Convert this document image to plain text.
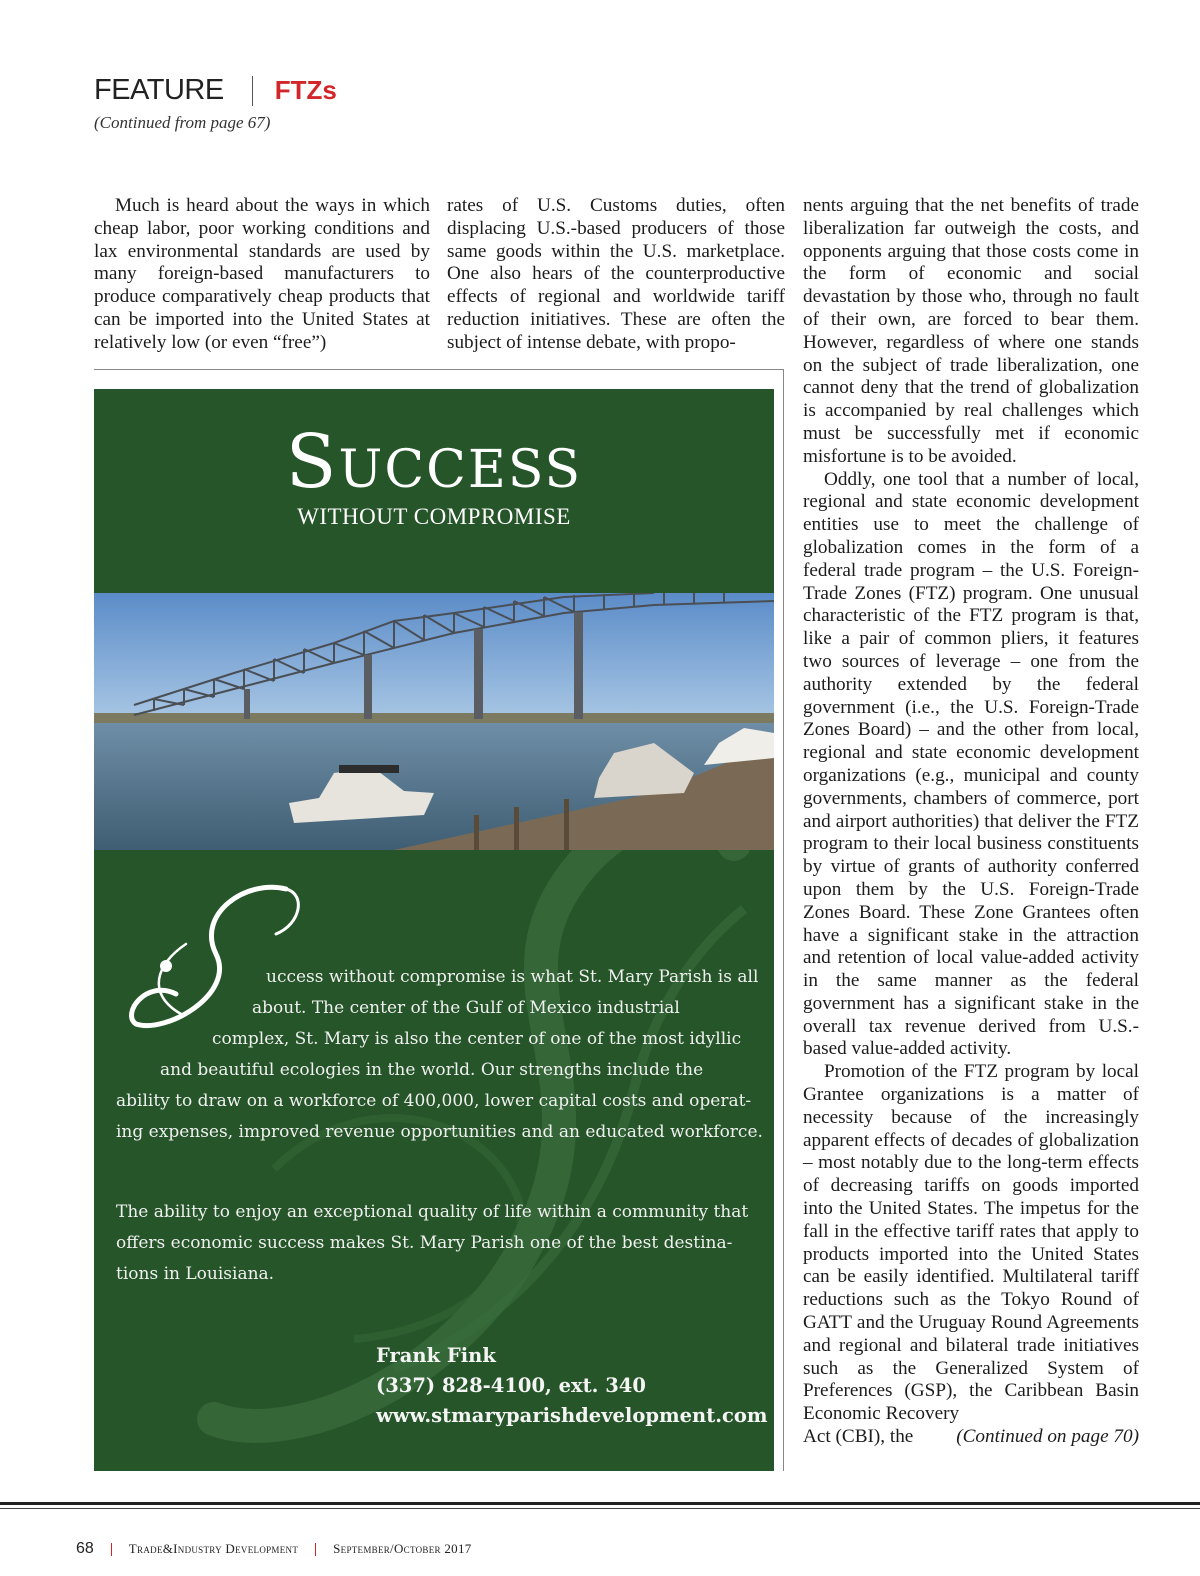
FEATURE FTZs
(Continued from page 67)

Much is heard about the ways in which cheap labor, poor working conditions and lax environmental standards are used by many foreign-based manufacturers to produce comparatively cheap products that can be imported into the United States at relatively low (or even “free”)

rates of U.S. Customs duties, often displacing U.S.-based producers of those same goods within the U.S. marketplace. One also hears of the counterproductive effects of regional and worldwide tariff reduction initiatives. These are often the subject of intense debate, with propo-

nents arguing that the net benefits of trade liberalization far outweigh the costs, and opponents arguing that those costs come in the form of economic and social devastation by those who, through no fault of their own, are forced to bear them. However, regardless of where one stands on the subject of trade liberalization, one cannot deny that the trend of globalization is accompanied by real challenges which must be successfully met if economic misfortune is to be avoided.

Oddly, one tool that a number of local, regional and state economic development entities use to meet the challenge of globalization comes in the form of a federal trade program – the U.S. Foreign-Trade Zones (FTZ) program. One unusual characteristic of the FTZ program is that, like a pair of common pliers, it features two sources of leverage – one from the authority extended by the federal government (i.e., the U.S. Foreign-Trade Zones Board) – and the other from local, regional and state economic development organizations (e.g., municipal and county governments, chambers of commerce, port and airport authorities) that deliver the FTZ program to their local business constituents by virtue of grants of authority conferred upon them by the U.S. Foreign-Trade Zones Board. These Zone Grantees often have a significant stake in the attraction and retention of local value-added activity in the same manner as the federal government has a significant stake in the overall tax revenue derived from U.S.-based value-added activity.

Promotion of the FTZ program by local Grantee organizations is a matter of necessity because of the increasingly apparent effects of decades of globalization – most notably due to the long-term effects of decreasing tariffs on goods imported into the United States. The impetus for the fall in the effective tariff rates that apply to products imported into the United States can be easily identified. Multilateral tariff reductions such as the Tokyo Round of GATT and the Uruguay Round Agreements and regional and bilateral trade initiatives such as the Generalized System of Preferences (GSP), the Caribbean Basin Economic Recovery

Act (CBI), the (Continued on page 70)
Success
WITHOUT COMPROMISE
uccess without compromise is what St. Mary Parish is all
about. The center of the Gulf of Mexico industrial
complex, St. Mary is also the center of one of the most idyllic
and beautiful ecologies in the world. Our strengths include the
ability to draw on a workforce of 400,000, lower capital costs and operat-
ing expenses, improved revenue opportunities and an educated workforce.
The ability to enjoy an exceptional quality of life within a community that
offers economic success makes St. Mary Parish one of the best destina-
tions in Louisiana.
Frank Fink
(337) 828-4100, ext. 340
www.stmaryparishdevelopment.com
68	Trade&Industry Development	September/October 2017
